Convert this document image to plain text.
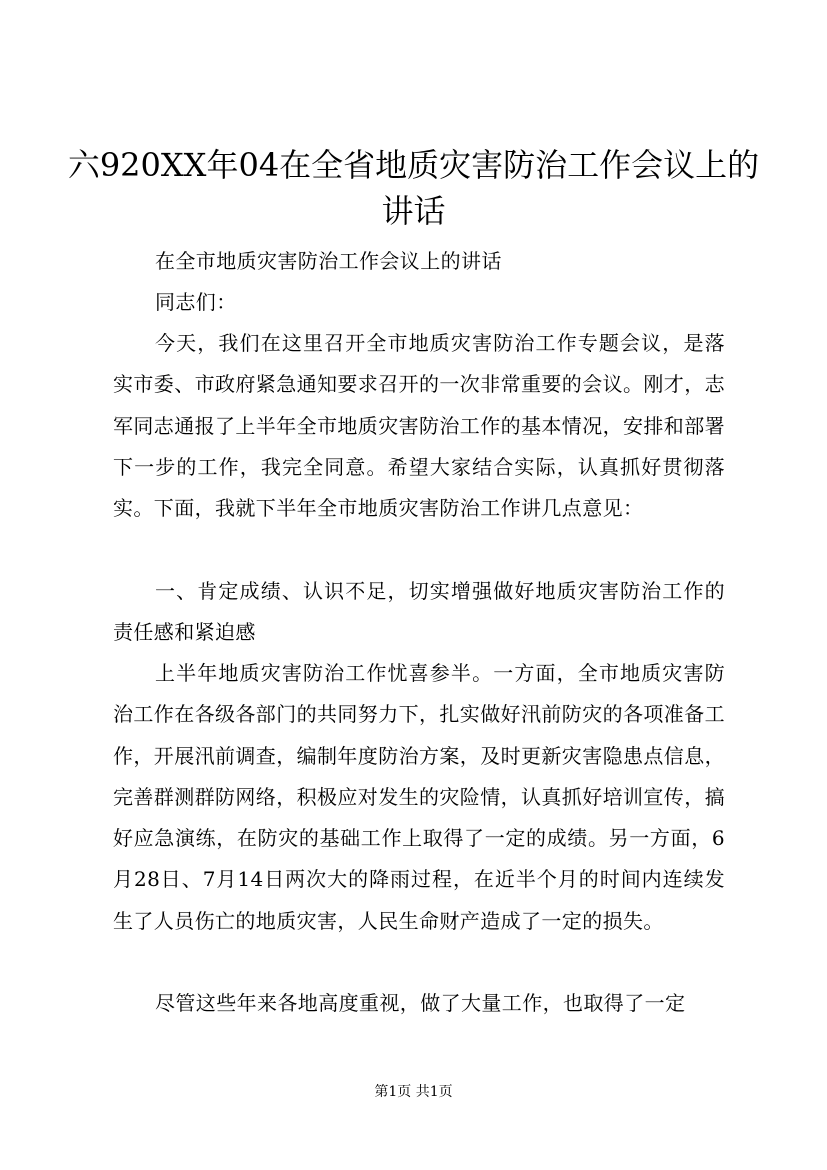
六920XX年04在全省地质灾害防治工作会议上的讲话

在全市地质灾害防治工作会议上的讲话

同志们：

今天，我们在这里召开全市地质灾害防治工作专题会议，是落实市委、市政府紧急通知要求召开的一次非常重要的会议。刚才，志军同志通报了上半年全市地质灾害防治工作的基本情况，安排和部署下一步的工作，我完全同意。希望大家结合实际，认真抓好贯彻落实。下面，我就下半年全市地质灾害防治工作讲几点意见：

一、肯定成绩、认识不足，切实增强做好地质灾害防治工作的责任感和紧迫感

上半年地质灾害防治工作忧喜参半。一方面，全市地质灾害防治工作在各级各部门的共同努力下，扎实做好汛前防灾的各项准备工作，开展汛前调查，编制年度防治方案，及时更新灾害隐患点信息，完善群测群防网络，积极应对发生的灾险情，认真抓好培训宣传，搞好应急演练，在防灾的基础工作上取得了一定的成绩。另一方面，6月28日、7月14日两次大的降雨过程，在近半个月的时间内连续发生了人员伤亡的地质灾害，人民生命财产造成了一定的损失。

尽管这些年来各地高度重视，做了大量工作，也取得了一定

第1页 共1页
